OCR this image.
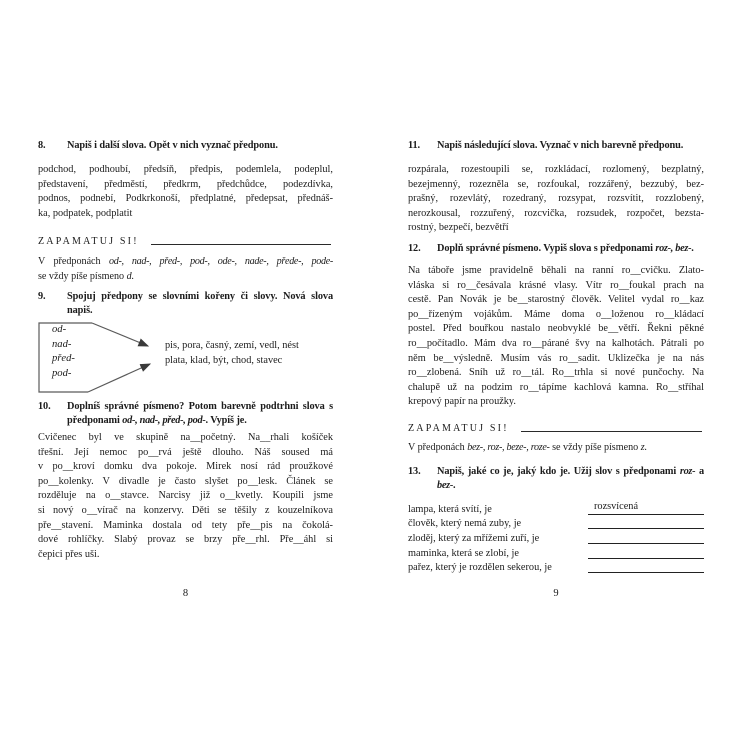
8.	Napiš i další slova. Opět v nich vyznač předponu.
podchod, podhoubí, předsíň, předpis, podemlela, podeplul,
představení, předměstí, předkrm, předchůdce, podezdívka,
podnos, podnebí, Podkrkonoší, předplatné, předepsat, přednáš-
ka, podpatek, podplatit
ZAPAMATUJ SI!
V předponách od-, nad-, před-, pod-, ode-, nade-, přede-, pode-
se vždy píše písmeno d.
9.	Spojuj předpony se slovními kořeny či slovy. Nová slova napiš.
od-
nad-
před-
pod-
pis, pora, časný, zemí, vedl, nést
plata, klad, být, chod, stavec
10.	Doplníš správné písmeno? Potom barevně podtrhni slova s předponami od-, nad-, před-, pod-. Vypíš je.
Cvičenec byl ve skupině na__početný. Na__rhali košíček
třešní. Její nemoc po__rvá ještě dlouho. Náš soused má
v po__kroví domku dva pokoje. Mirek nosí rád proužkové
po__kolenky. V divadle je často slyšet po__lesk. Článek se
rozděluje na o__stavce. Narcisy již o__kvetly. Koupili jsme
si nový o__vírač na konzervy. Děti se těšily z kouzelníkova
pře__stavení. Maminka dostala od tety pře__pis na čokolá-
dové rohlíčky. Slabý provaz se brzy pře__rhl. Pře__áhl si
čepici přes uši.
8
11.	Napiš následující slova. Vyznač v nich barevně předponu.
rozpárala, rozestoupili se, rozkládací, rozlomený, bezplatný,
bezejmenný, rozezněla se, rozfoukal, rozzářený, bezzubý, bez-
prašný, rozevlátý, rozedraný, rozsypat, rozsvítit, rozzlobený,
nerozkousal, rozzuřený, rozcvička, rozsudek, rozpočet, bezsta-
rostný, bezpečí, bezvětří
12.	Doplň správné písmeno. Vypiš slova s předponami roz-, bez-.
Na táboře jsme pravidelně běhali na ranní ro__cvičku. Zlato-
vláska si ro__česávala krásné vlasy. Vítr ro__foukal prach na
cestě. Pan Novák je be__starostný člověk. Velitel vydal ro__kaz
po__řízeným vojákům. Máme doma o__loženou ro__kládací
postel. Před bouřkou nastalo neobvyklé be__větří. Řekni pěkné
ro__počítadlo. Mám dva ro__párané švy na kalhotách. Pátrali po
něm be__výsledně. Musím vás ro__sadit. Uklizečka je na nás
ro__zlobená. Sníh už ro__tál. Ro__trhla si nové punčochy. Na
chalupě už na podzim ro__tápíme kachlová kamna. Ro__stříhal
krepový papír na proužky.
ZAPAMATUJ SI!
V předponách bez-, roz-, beze-, roze- se vždy píše písmeno z.
13.	Napiš, jaké co je, jaký kdo je. Užij slov s předponami roz- a bez-.
lampa, která svítí, je	rozsvícená
člověk, který nemá zuby, je
zloděj, který za mřížemi zuří, je
maminka, která se zlobí, je
pařez, který je rozdělen sekerou, je
9
